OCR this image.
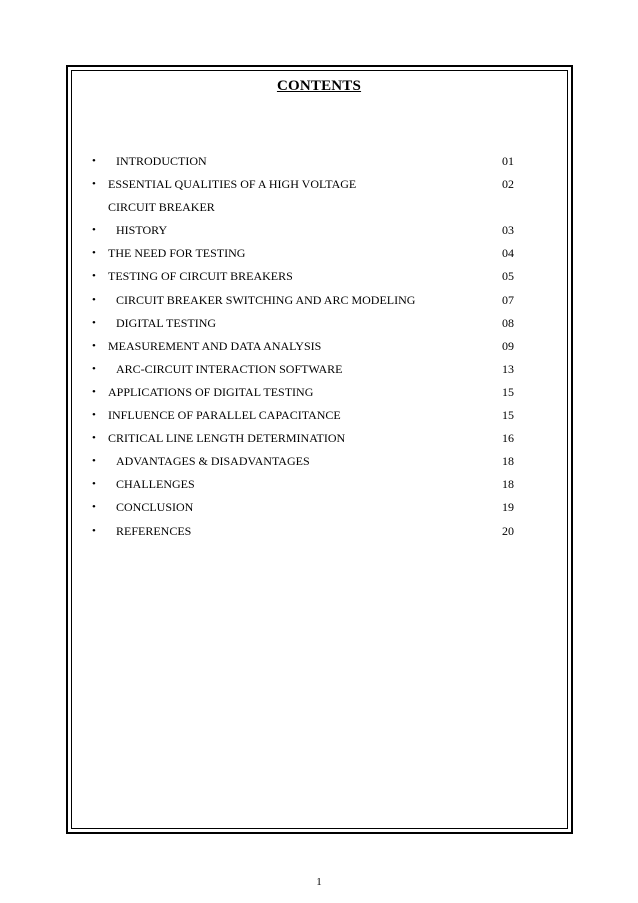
CONTENTS
•	INTRODUCTION	01
•	ESSENTIAL QUALITIES OF A HIGH VOLTAGE	02
CIRCUIT BREAKER
•	HISTORY	03
•	THE NEED FOR TESTING	04
•	TESTING OF CIRCUIT BREAKERS	05
•	CIRCUIT BREAKER SWITCHING AND ARC MODELING	07
•	DIGITAL TESTING	08
•	MEASUREMENT AND DATA ANALYSIS	09
•	ARC-CIRCUIT INTERACTION SOFTWARE	13
•	APPLICATIONS OF DIGITAL TESTING	15
•	INFLUENCE OF PARALLEL CAPACITANCE	15
•	CRITICAL LINE LENGTH DETERMINATION	16
•	ADVANTAGES & DISADVANTAGES	18
•	CHALLENGES	18
•	CONCLUSION	19
•	REFERENCES	20
1
